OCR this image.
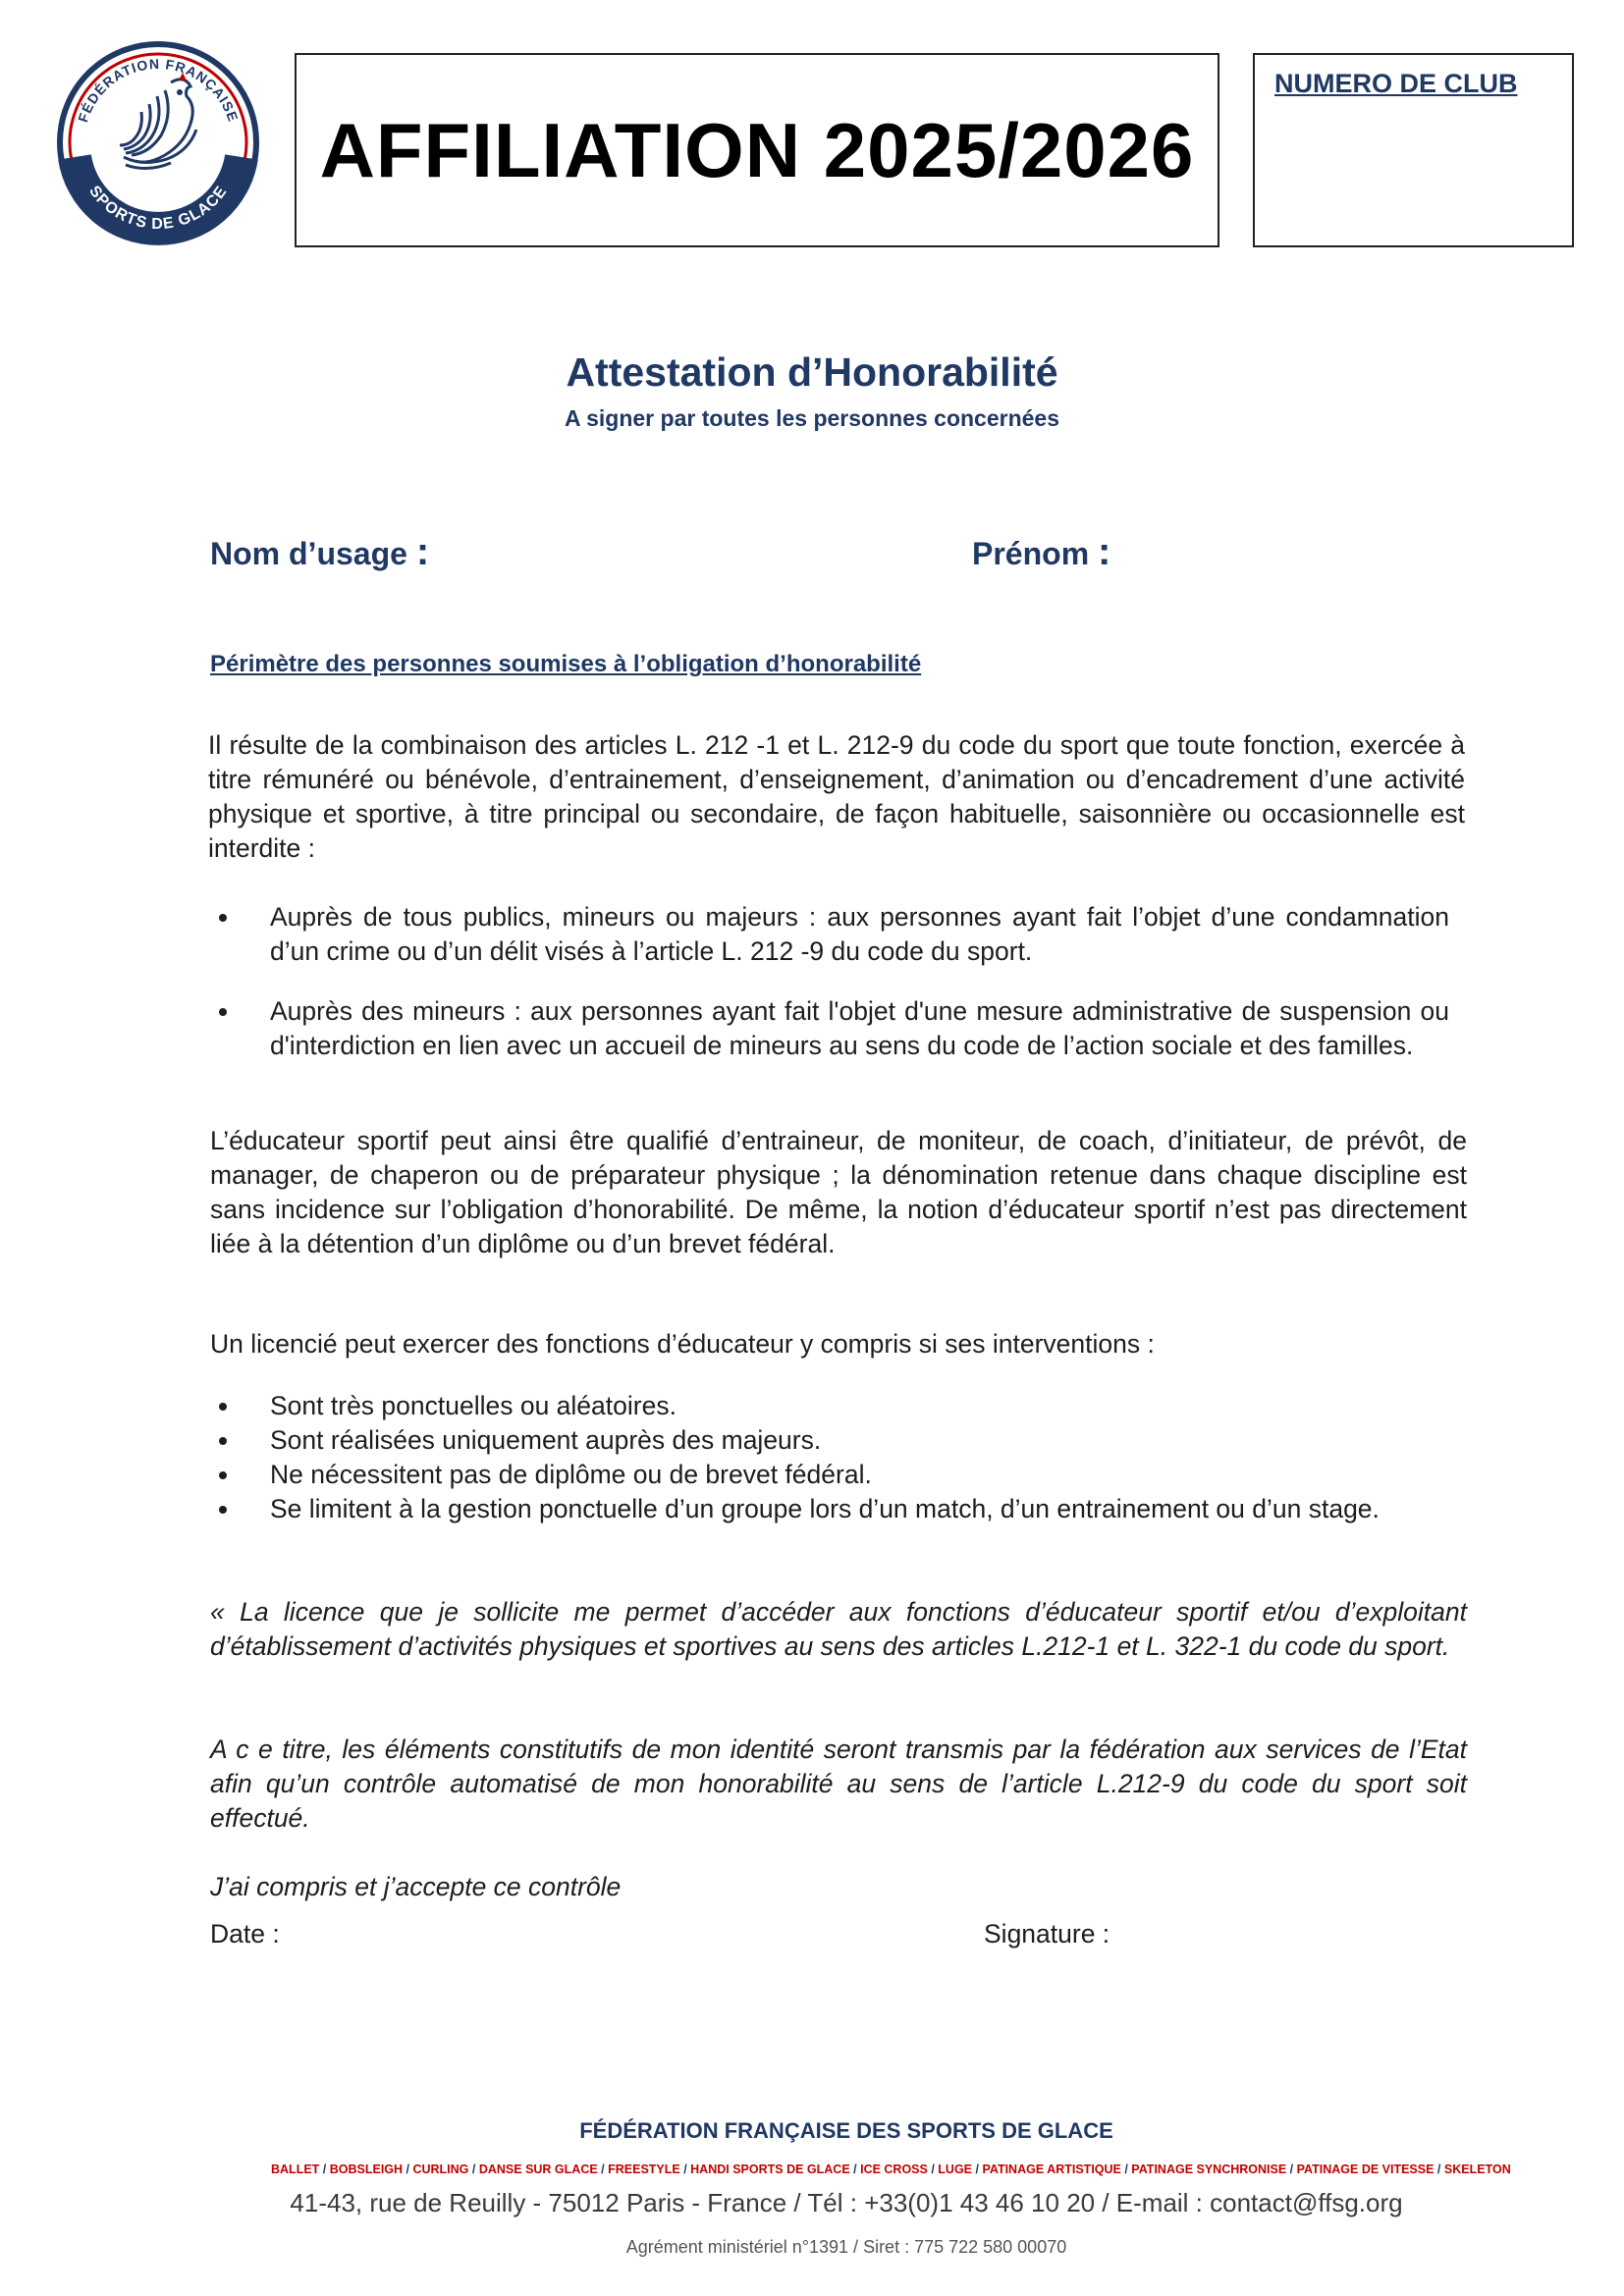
FÉDÉRATION FRANÇAISE
SPORTS DE GLACE AFFILIATION 2025/2026
NUMERO DE CLUB
Attestation d’Honorabilité
A signer par toutes les personnes concernées
Nom d’usage :	Prénom :
Périmètre des personnes soumises à l’obligation d’honorabilité
Il résulte de la combinaison des articles L. 212 -1 et L. 212-9 du code du sport que toute fonction, exercée à titre rémunéré ou bénévole, d’entrainement, d’enseignement, d’animation ou d’encadrement d’une activité physique et sportive, à titre principal ou secondaire, de façon habituelle, saisonnière ou occasionnelle est interdite :
Auprès de tous publics, mineurs ou majeurs : aux personnes ayant fait l’objet d’une condamnation d’un crime ou d’un délit visés à l’article L. 212 -9 du code du sport.
Auprès des mineurs : aux personnes ayant fait l'objet d'une mesure administrative de suspension ou d'interdiction en lien avec un accueil de mineurs au sens du code de l’action sociale et des familles.
L’éducateur sportif peut ainsi être qualifié d’entraineur, de moniteur, de coach, d’initiateur, de prévôt, de manager, de chaperon ou de préparateur physique ; la dénomination retenue dans chaque discipline est sans incidence sur l’obligation d’honorabilité. De même, la notion d’éducateur sportif n’est pas directement liée à la détention d’un diplôme ou d’un brevet fédéral.
Un licencié peut exercer des fonctions d’éducateur y compris si ses interventions :
Sont très ponctuelles ou aléatoires.
Sont réalisées uniquement auprès des majeurs.
Ne nécessitent pas de diplôme ou de brevet fédéral.
Se limitent à la gestion ponctuelle d’un groupe lors d’un match, d’un entrainement ou d’un stage.
« La licence que je sollicite me permet d’accéder aux fonctions d’éducateur sportif et/ou d’exploitant d’établissement d’activités physiques et sportives au sens des articles L.212-1 et L. 322-1 du code du sport.
A c e titre, les éléments constitutifs de mon identité seront transmis par la fédération aux services de l’Etat afin qu’un contrôle automatisé de mon honorabilité au sens de l’article L.212-9 du code du sport soit effectué.
J’ai compris et j’accepte ce contrôle
Date :	Signature :
FÉDÉRATION FRANÇAISE DES SPORTS DE GLACE
BALLET / BOBSLEIGH / CURLING / DANSE SUR GLACE / FREESTYLE / HANDI SPORTS DE GLACE / ICE CROSS / LUGE / PATINAGE ARTISTIQUE / PATINAGE SYNCHRONISE / PATINAGE DE VITESSE / SKELETON
41-43, rue de Reuilly - 75012 Paris - France / Tél : +33(0)1 43 46 10 20 / E-mail : contact@ffsg.org
Agrément ministériel n°1391 / Siret : 775 722 580 00070
